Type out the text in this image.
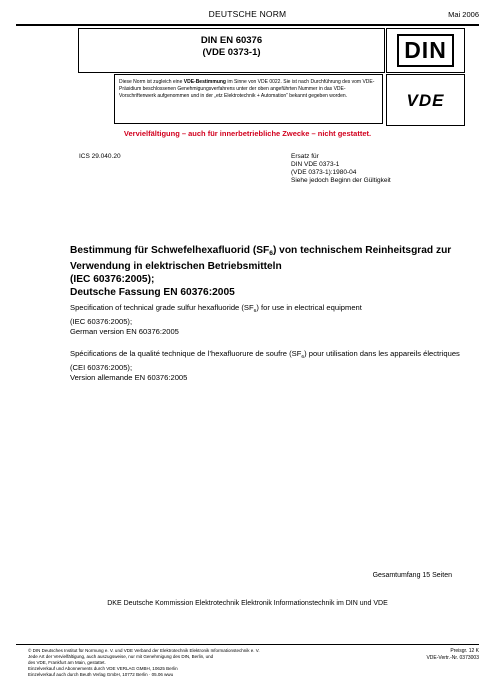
DEUTSCHE NORM	Mai 2006
DIN EN 60376
(VDE 0373-1)	DIN
Diese Norm ist zugleich eine VDE-Bestimmung im Sinne von VDE 0022. Sie ist nach Durchführung des vom VDE-Präsidium beschlossenen Genehmigungsverfahrens unter der oben angeführten Nummer in das VDE-Vorschriftenwerk aufgenommen und in der „etz Elektrotechnik + Automation“ bekannt gegeben worden.	VDE
Vervielfältigung – auch für innerbetriebliche Zwecke – nicht gestattet.
ICS 29.040.20	Ersatz für
DIN VDE 0373-1
(VDE 0373-1):1980-04
Siehe jedoch Beginn der Gültigkeit
Bestimmung für Schwefelhexafluorid $(SF_6)$ von technischem Reinheitsgrad zur Verwendung in elektrischen Betriebsmitteln
(IEC 60376:2005);
Deutsche Fassung EN 60376:2005
Specification of technical grade sulfur hexafluoride $(SF_6)$ for use in electrical equipment
(IEC 60376:2005);
German version EN 60376:2005
Spécifications de la qualité technique de l’hexafluorure de soufre $(SF_6)$ pour utilisation dans les appareils électriques
(CEI 60376:2005);
Version allemande EN 60376:2005
Gesamtumfang 15 Seiten
DKE Deutsche Kommission Elektrotechnik Elektronik Informationstechnik im DIN und VDE
© DIN Deutsches Institut für Normung e. V. und VDE Verband der Elektrotechnik Elektronik Informationstechnik e. V.
Jede Art der Vervielfältigung, auch auszugsweise, nur mit Genehmigung des DIN, Berlin, und
des VDE, Frankfurt am Main, gestattet.
Einzelverkauf und Abonnements durch VDE VERLAG GMBH, 10625 Berlin
Einzelverkauf auch durch Beuth Verlag GmbH, 10772 Berlin · 05.06 wwu
Preisgr. 12 K
VDE-Vertr.-Nr. 0373003
